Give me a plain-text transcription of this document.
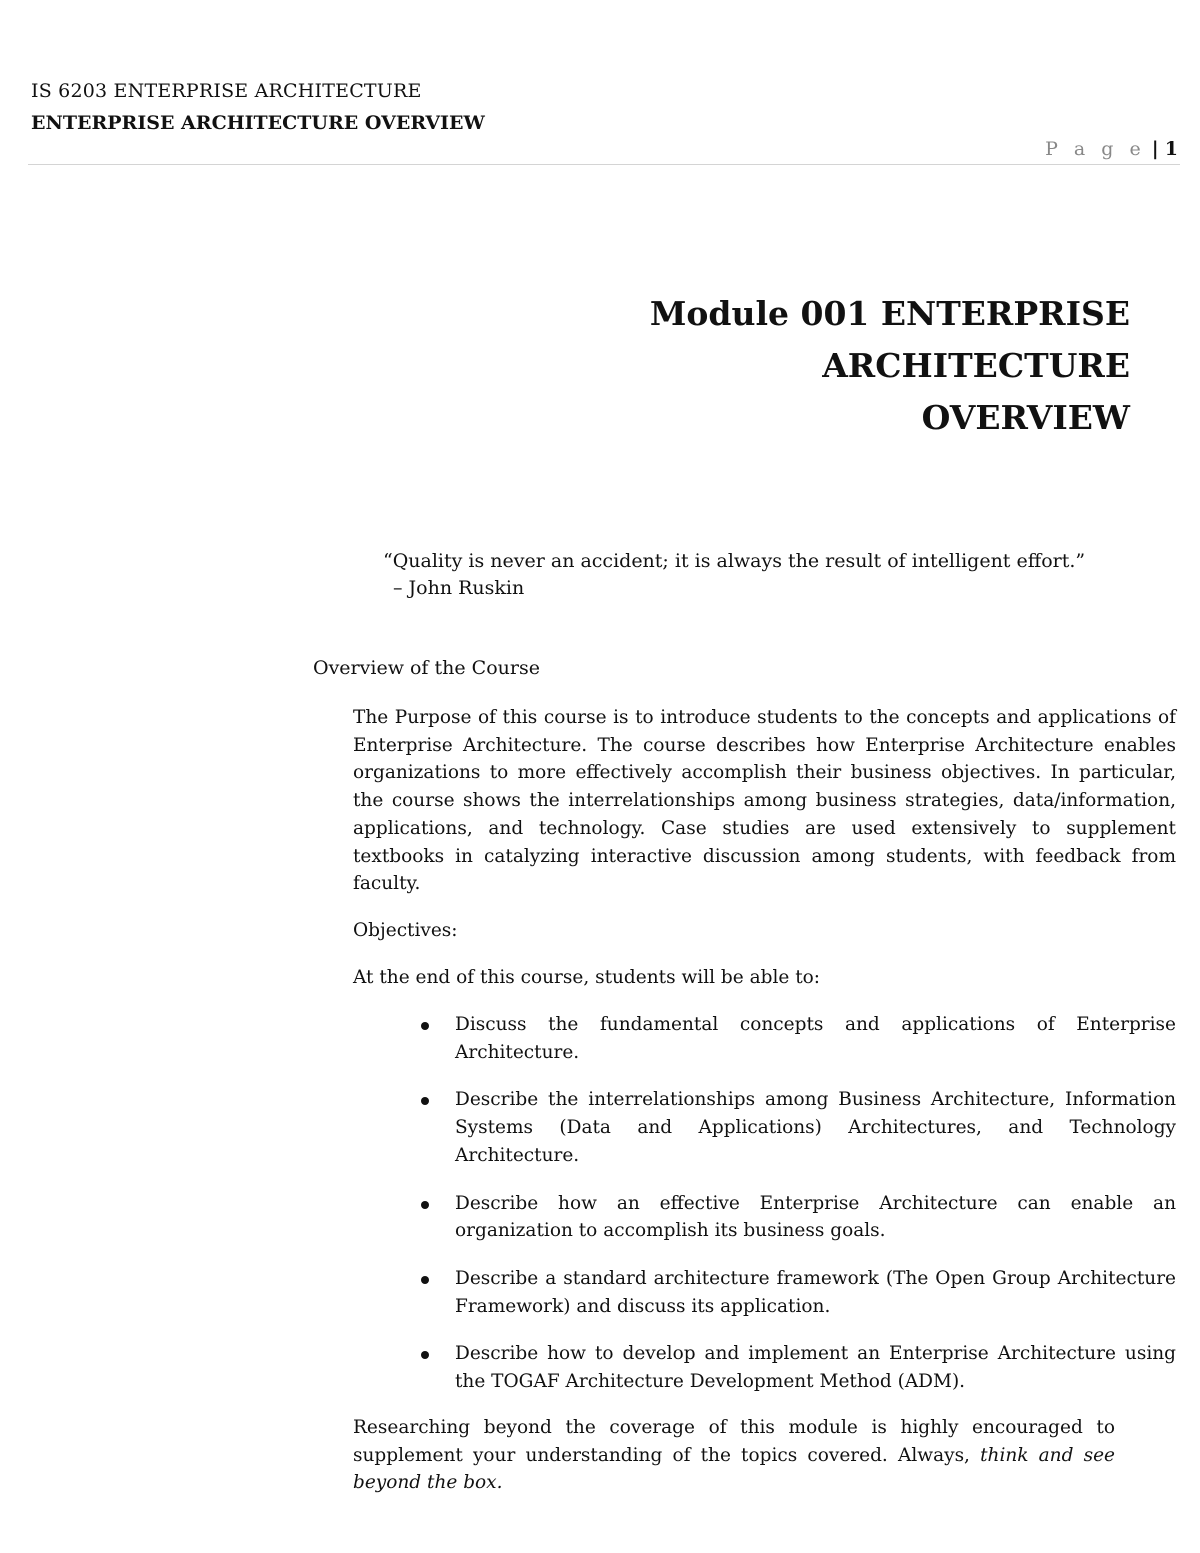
IS 6203 ENTERPRISE ARCHITECTURE
ENTERPRISE ARCHITECTURE OVERVIEW
P a g e | 1
Module 001 ENTERPRISE ARCHITECTURE
OVERVIEW
“Quality is never an accident; it is always the result of intelligent effort.”
– John Ruskin
Overview of the Course
The Purpose of this course is to introduce students to the concepts and applications of Enterprise Architecture. The course describes how Enterprise Architecture enables organizations to more effectively accomplish their business objectives. In particular, the course shows the interrelationships among business strategies, data/information, applications, and technology. Case studies are used extensively to supplement textbooks in catalyzing interactive discussion among students, with feedback from faculty.
Objectives:
At the end of this course, students will be able to:
Discuss the fundamental concepts and applications of Enterprise Architecture.
Describe the interrelationships among Business Architecture, Information Systems (Data and Applications) Architectures, and Technology Architecture.
Describe how an effective Enterprise Architecture can enable an organization to accomplish its business goals.
Describe a standard architecture framework (The Open Group Architecture Framework) and discuss its application.
Describe how to develop and implement an Enterprise Architecture using the TOGAF Architecture Development Method (ADM).
Researching beyond the coverage of this module is highly encouraged to supplement your understanding of the topics covered. Always, think and see beyond the box.
